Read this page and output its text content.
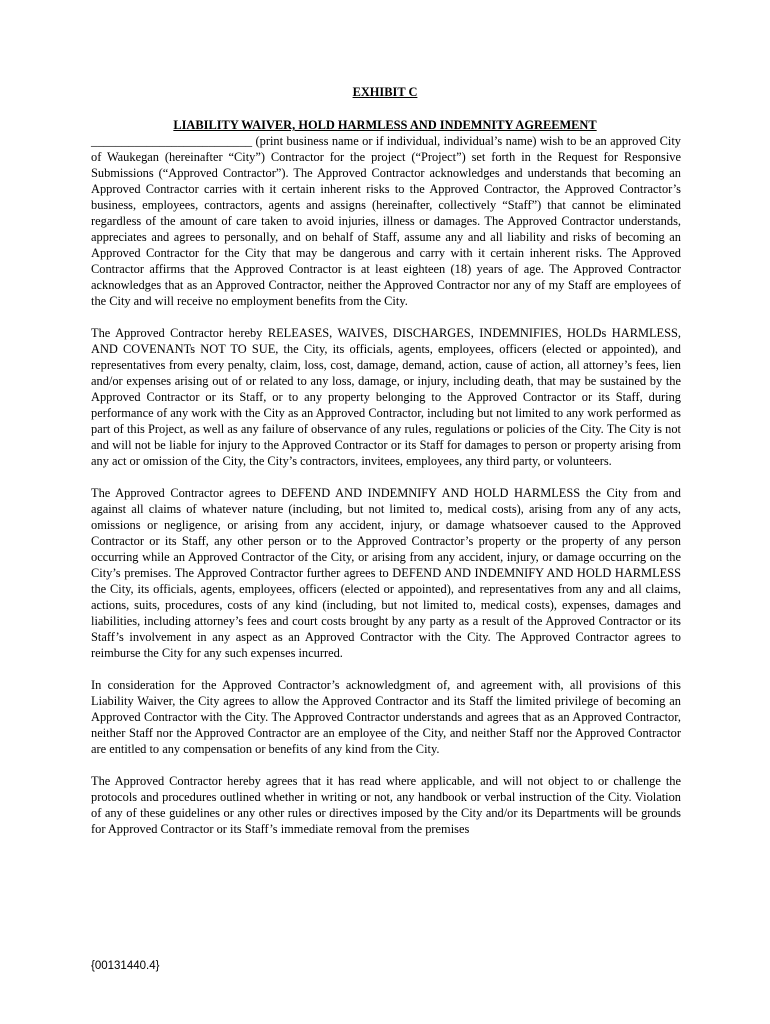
EXHIBIT C
LIABILITY WAIVER, HOLD HARMLESS AND INDEMNITY AGREEMENT

__________________________ (print business name or if individual, individual’s name) wish to be an approved City of Waukegan (hereinafter “City”) Contractor for the project (“Project”) set forth in the Request for Responsive Submissions (“Approved Contractor”). The Approved Contractor acknowledges and understands that becoming an Approved Contractor carries with it certain inherent risks to the Approved Contractor, the Approved Contractor’s business, employees, contractors, agents and assigns (hereinafter, collectively “Staff”) that cannot be eliminated regardless of the amount of care taken to avoid injuries, illness or damages. The Approved Contractor understands, appreciates and agrees to personally, and on behalf of Staff, assume any and all liability and risks of becoming an Approved Contractor for the City that may be dangerous and carry with it certain inherent risks. The Approved Contractor affirms that the Approved Contractor is at least eighteen (18) years of age. The Approved Contractor acknowledges that as an Approved Contractor, neither the Approved Contractor nor any of my Staff are employees of the City and will receive no employment benefits from the City.

The Approved Contractor hereby RELEASES, WAIVES, DISCHARGES, INDEMNIFIES, HOLDs HARMLESS, AND COVENANTs NOT TO SUE, the City, its officials, agents, employees, officers (elected or appointed), and representatives from every penalty, claim, loss, cost, damage, demand, action, cause of action, all attorney’s fees, lien and/or expenses arising out of or related to any loss, damage, or injury, including death, that may be sustained by the Approved Contractor or its Staff, or to any property belonging to the Approved Contractor or its Staff, during performance of any work with the City as an Approved Contractor, including but not limited to any work performed as part of this Project, as well as any failure of observance of any rules, regulations or policies of the City. The City is not and will not be liable for injury to the Approved Contractor or its Staff for damages to person or property arising from any act or omission of the City, the City’s contractors, invitees, employees, any third party, or volunteers.

The Approved Contractor agrees to DEFEND AND INDEMNIFY AND HOLD HARMLESS the City from and against all claims of whatever nature (including, but not limited to, medical costs), arising from any of any acts, omissions or negligence, or arising from any accident, injury, or damage whatsoever caused to the Approved Contractor or its Staff, any other person or to the Approved Contractor’s property or the property of any person occurring while an Approved Contractor of the City, or arising from any accident, injury, or damage occurring on the City’s premises. The Approved Contractor further agrees to DEFEND AND INDEMNIFY AND HOLD HARMLESS the City, its officials, agents, employees, officers (elected or appointed), and representatives from any and all claims, actions, suits, procedures, costs of any kind (including, but not limited to, medical costs), expenses, damages and liabilities, including attorney’s fees and court costs brought by any party as a result of the Approved Contractor or its Staff’s involvement in any aspect as an Approved Contractor with the City. The Approved Contractor agrees to reimburse the City for any such expenses incurred.

In consideration for the Approved Contractor’s acknowledgment of, and agreement with, all provisions of this Liability Waiver, the City agrees to allow the Approved Contractor and its Staff the limited privilege of becoming an Approved Contractor with the City. The Approved Contractor understands and agrees that as an Approved Contractor, neither Staff nor the Approved Contractor are an employee of the City, and neither Staff nor the Approved Contractor are entitled to any compensation or benefits of any kind from the City.

The Approved Contractor hereby agrees that it has read where applicable, and will not object to or challenge the protocols and procedures outlined whether in writing or not, any handbook or verbal instruction of the City. Violation of any of these guidelines or any other rules or directives imposed by the City and/or its Departments will be grounds for Approved Contractor or its Staff’s immediate removal from the premises

{00131440.4}
